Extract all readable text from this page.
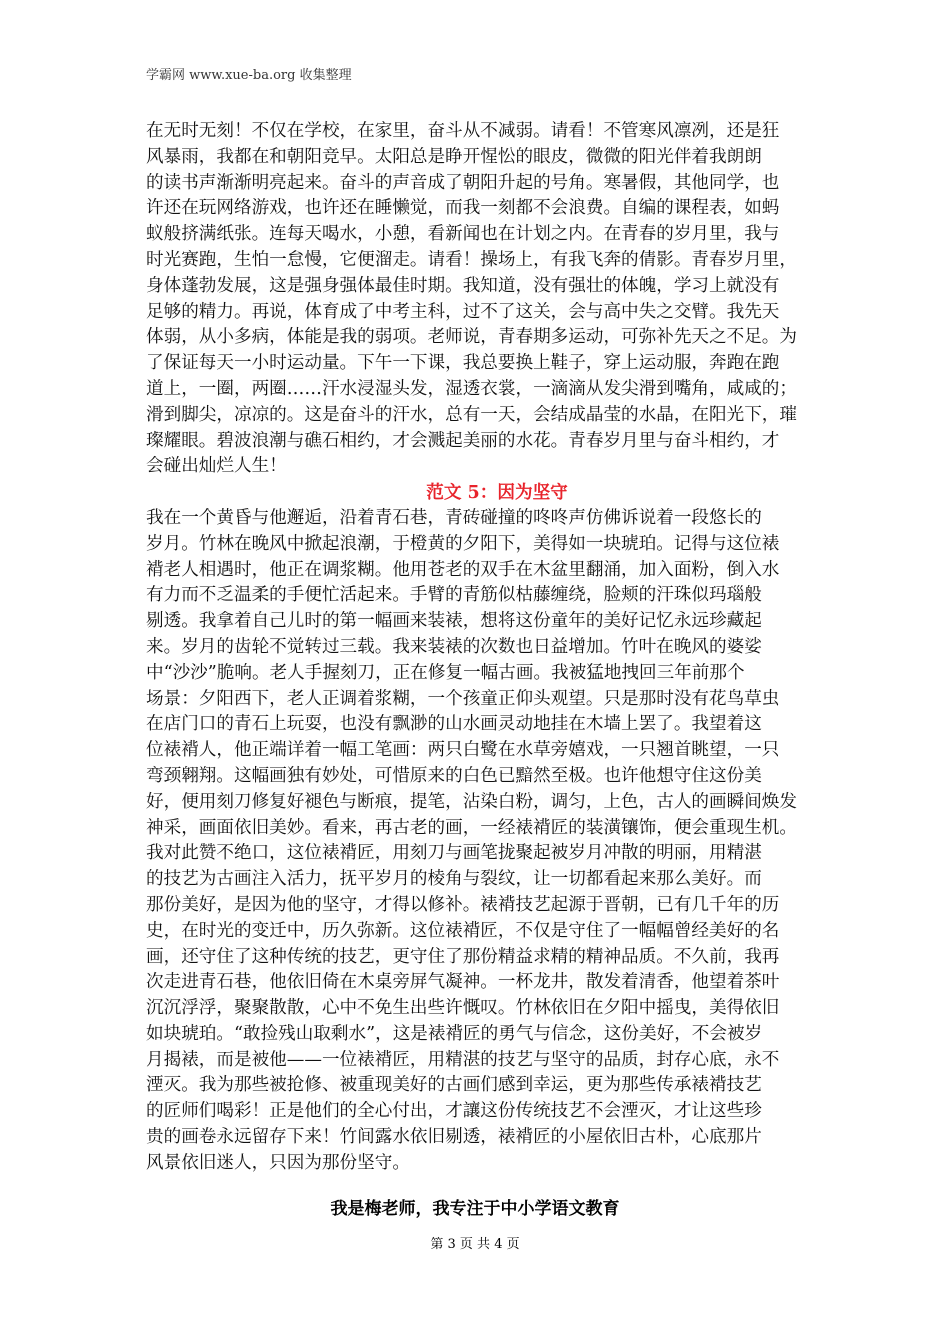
学霸网 www.xue-ba.org 收集整理
在无时无刻！不仅在学校，在家里，奋斗从不减弱。请看！不管寒风凛冽，还是狂
风暴雨，我都在和朝阳竞早。太阳总是睁开惺忪的眼皮，微微的阳光伴着我朗朗
的读书声渐渐明亮起来。奋斗的声音成了朝阳升起的号角。寒暑假，其他同学，也
许还在玩网络游戏，也许还在睡懒觉，而我一刻都不会浪费。自编的课程表，如蚂
蚁般挤满纸张。连每天喝水，小憩，看新闻也在计划之内。在青春的岁月里，我与
时光赛跑，生怕一怠慢，它便溜走。请看！操场上，有我飞奔的倩影。青春岁月里，
身体蓬勃发展，这是强身强体最佳时期。我知道，没有强壮的体魄，学习上就没有
足够的精力。再说，体育成了中考主科，过不了这关，会与高中失之交臂。我先天
体弱，从小多病，体能是我的弱项。老师说，青春期多运动，可弥补先天之不足。为
了保证每天一小时运动量。下午一下课，我总要换上鞋子，穿上运动服，奔跑在跑
道上，一圈，两圈……汗水浸湿头发，湿透衣裳，一滴滴从发尖滑到嘴角，咸咸的；
滑到脚尖，凉凉的。这是奋斗的汗水，总有一天，会结成晶莹的水晶，在阳光下，璀
璨耀眼。碧波浪潮与礁石相约，才会溅起美丽的水花。青春岁月里与奋斗相约，才
会碰出灿烂人生！
范文 5：因为坚守
我在一个黄昏与他邂逅，沿着青石巷，青砖碰撞的咚咚声仿佛诉说着一段悠长的
岁月。竹林在晚风中掀起浪潮，于橙黄的夕阳下，美得如一块琥珀。记得与这位裱
褙老人相遇时，他正在调浆糊。他用苍老的双手在木盆里翻涌，加入面粉，倒入水
有力而不乏温柔的手便忙活起来。手臂的青筋似枯藤缠绕，脸颊的汗珠似玛瑙般
剔透。我拿着自己儿时的第一幅画来装裱，想将这份童年的美好记忆永远珍藏起
来。岁月的齿轮不觉转过三载。我来装裱的次数也日益增加。竹叶在晚风的婆娑
中“沙沙”脆响。老人手握刻刀，正在修复一幅古画。我被猛地拽回三年前那个
场景：夕阳西下，老人正调着浆糊，一个孩童正仰头观望。只是那时没有花鸟草虫
在店门口的青石上玩耍，也没有飘渺的山水画灵动地挂在木墙上罢了。我望着这
位裱褙人，他正端详着一幅工笔画：两只白鹭在水草旁嬉戏，一只翘首眺望，一只
弯颈翱翔。这幅画独有妙处，可惜原来的白色已黯然至极。也许他想守住这份美
好，便用刻刀修复好褪色与断痕，提笔，沾染白粉，调匀，上色，古人的画瞬间焕发
神采，画面依旧美妙。看来，再古老的画，一经裱褙匠的装潢镶饰，便会重现生机。
我对此赞不绝口，这位裱褙匠，用刻刀与画笔拢聚起被岁月冲散的明丽，用精湛
的技艺为古画注入活力，抚平岁月的棱角与裂纹，让一切都看起来那么美好。而
那份美好，是因为他的坚守，才得以修补。裱褙技艺起源于晋朝，已有几千年的历
史，在时光的变迁中，历久弥新。这位裱褙匠，不仅是守住了一幅幅曾经美好的名
画，还守住了这种传统的技艺，更守住了那份精益求精的精神品质。不久前，我再
次走进青石巷，他依旧倚在木桌旁屏气凝神。一杯龙井，散发着清香，他望着茶叶
沉沉浮浮，聚聚散散，心中不免生出些许慨叹。竹林依旧在夕阳中摇曳，美得依旧
如块琥珀。“敢捡残山取剩水”，这是裱褙匠的勇气与信念，这份美好，不会被岁
月揭裱，而是被他——一位裱褙匠，用精湛的技艺与坚守的品质，封存心底，永不
湮灭。我为那些被抢修、被重现美好的古画们感到幸运，更为那些传承裱褙技艺
的匠师们喝彩！正是他们的全心付出，才讓这份传统技艺不会湮灭，才让这些珍
贵的画卷永远留存下来！竹间露水依旧剔透，裱褙匠的小屋依旧古朴，心底那片
风景依旧迷人，只因为那份坚守。
我是梅老师，我专注于中小学语文教育
第 3 页 共 4 页
